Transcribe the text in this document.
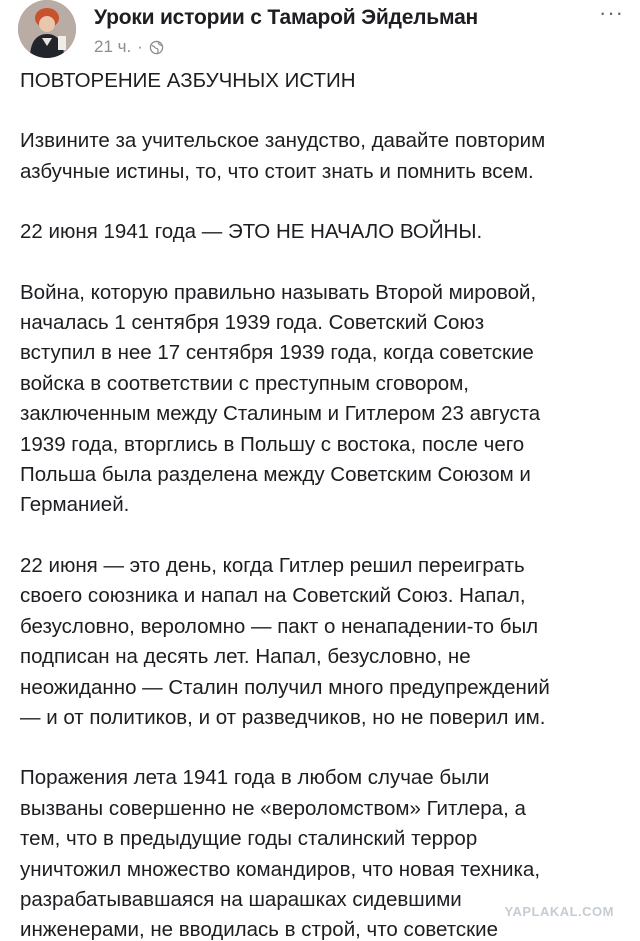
Уроки истории с Тамарой Эйдельман
21 ч. ·
···

ПОВТОРЕНИЕ АЗБУЧНЫХ ИСТИН

Извините за учительское занудство, давайте повторим
азбучные истины, то, что стоит знать и помнить всем.

22 июня 1941 года — ЭТО НЕ НАЧАЛО ВОЙНЫ.

Война, которую правильно называть Второй мировой,
началась 1 сентября 1939 года. Советский Союз
вступил в нее 17 сентября 1939 года, когда советские
войска в соответствии с преступным сговором,
заключенным между Сталиным и Гитлером 23 августа
1939 года, вторглись в Польшу с востока, после чего
Польша была разделена между Советским Союзом и
Германией.

22 июня — это день, когда Гитлер решил переиграть
своего союзника и напал на Советский Союз. Напал,
безусловно, вероломно — пакт о ненападении-то был
подписан на десять лет. Напал, безусловно, не
неожиданно — Сталин получил много предупреждений
— и от политиков, и от разведчиков, но не поверил им.

Поражения лета 1941 года в любом случае были
вызваны совершенно не «вероломством» Гитлера, а
тем, что в предыдущие годы сталинский террор
уничтожил множество командиров, что новая техника,
разрабатывавшаяся на шарашках сидевшими
инженерами, не вводилась в строй, что советские

YAPLAKAL.COM
